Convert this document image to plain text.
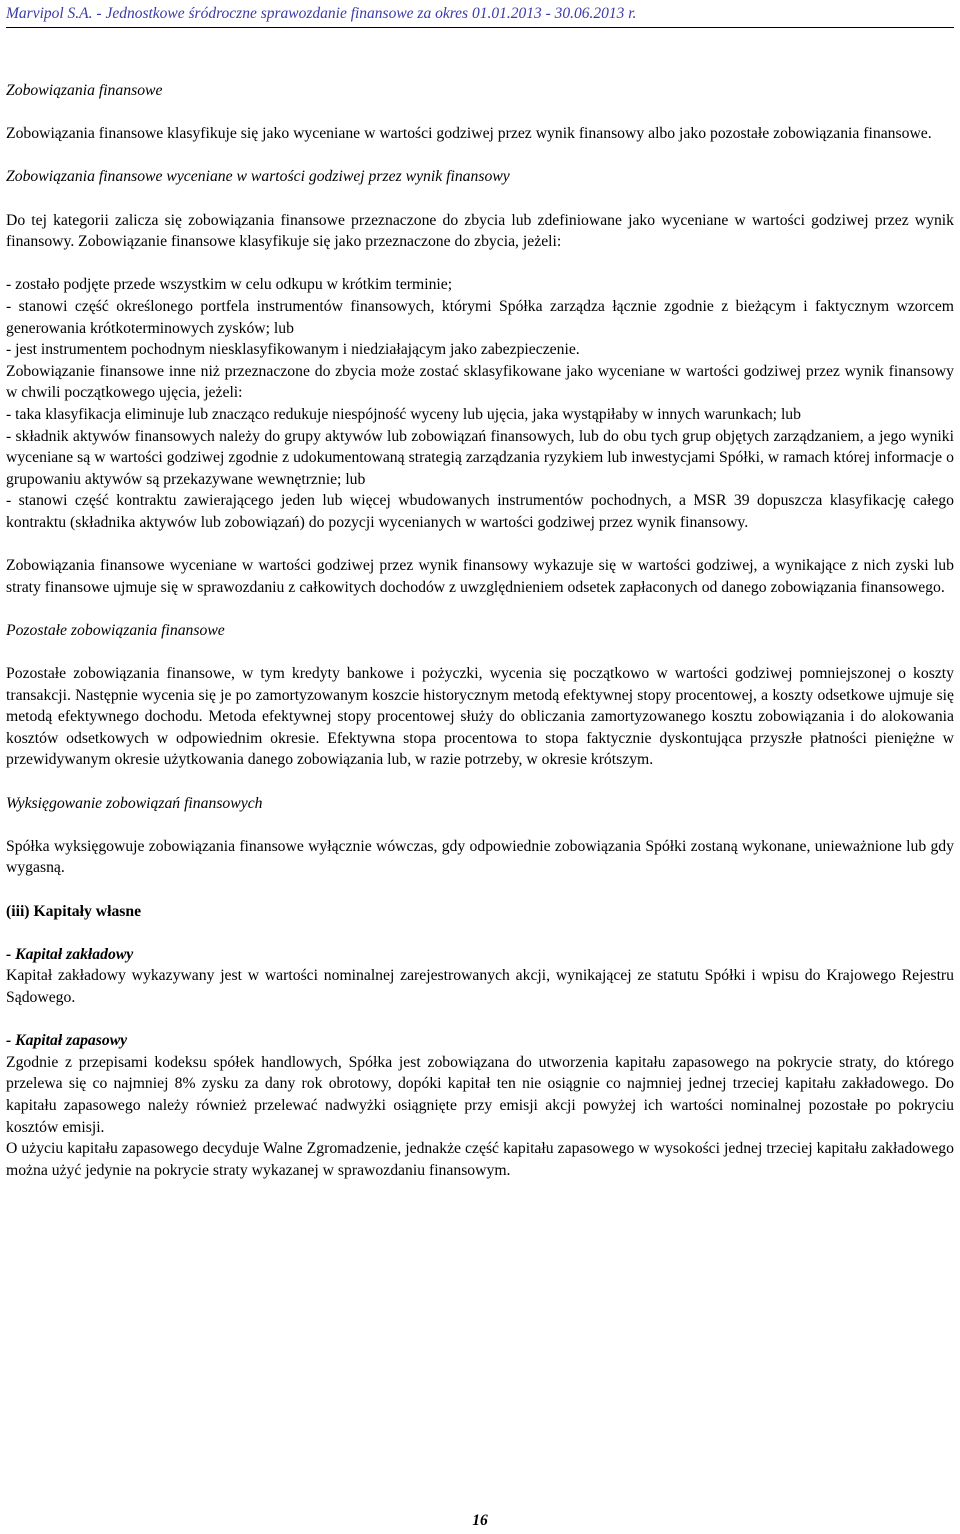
Marvipol S.A. - Jednostkowe śródroczne sprawozdanie finansowe za okres 01.01.2013 - 30.06.2013 r.

Zobowiązania finansowe

Zobowiązania finansowe klasyfikuje się jako wyceniane w wartości godziwej przez wynik finansowy albo jako pozostałe zobowiązania finansowe.

Zobowiązania finansowe wyceniane w wartości godziwej przez wynik finansowy

Do tej kategorii zalicza się zobowiązania finansowe przeznaczone do zbycia lub zdefiniowane jako wyceniane w wartości godziwej przez wynik finansowy. Zobowiązanie finansowe klasyfikuje się jako przeznaczone do zbycia, jeżeli:

- zostało podjęte przede wszystkim w celu odkupu w krótkim terminie;

- stanowi część określonego portfela instrumentów finansowych, którymi Spółka zarządza łącznie zgodnie z bieżącym i faktycznym wzorcem generowania krótkoterminowych zysków; lub

- jest instrumentem pochodnym niesklasyfikowanym i niedziałającym jako zabezpieczenie.

Zobowiązanie finansowe inne niż przeznaczone do zbycia może zostać sklasyfikowane jako wyceniane w wartości godziwej przez wynik finansowy w chwili początkowego ujęcia, jeżeli:

- taka klasyfikacja eliminuje lub znacząco redukuje niespójność wyceny lub ujęcia, jaka wystąpiłaby w innych warunkach; lub

- składnik aktywów finansowych należy do grupy aktywów lub zobowiązań finansowych, lub do obu tych grup objętych zarządzaniem, a jego wyniki wyceniane są w wartości godziwej zgodnie z udokumentowaną strategią zarządzania ryzykiem lub inwestycjami Spółki, w ramach której informacje o grupowaniu aktywów są przekazywane wewnętrznie; lub

- stanowi część kontraktu zawierającego jeden lub więcej wbudowanych instrumentów pochodnych, a MSR 39 dopuszcza klasyfikację całego kontraktu (składnika aktywów lub zobowiązań) do pozycji wycenianych w wartości godziwej przez wynik finansowy.

Zobowiązania finansowe wyceniane w wartości godziwej przez wynik finansowy wykazuje się w wartości godziwej, a wynikające z nich zyski lub straty finansowe ujmuje się w sprawozdaniu z całkowitych dochodów z uwzględnieniem odsetek zapłaconych od danego zobowiązania finansowego.

Pozostałe zobowiązania finansowe

Pozostałe zobowiązania finansowe, w tym kredyty bankowe i pożyczki, wycenia się początkowo w wartości godziwej pomniejszonej o koszty transakcji. Następnie wycenia się je po zamortyzowanym koszcie historycznym metodą efektywnej stopy procentowej, a koszty odsetkowe ujmuje się metodą efektywnego dochodu. Metoda efektywnej stopy procentowej służy do obliczania zamortyzowanego kosztu zobowiązania i do alokowania kosztów odsetkowych w odpowiednim okresie. Efektywna stopa procentowa to stopa faktycznie dyskontująca przyszłe płatności pieniężne w przewidywanym okresie użytkowania danego zobowiązania lub, w razie potrzeby, w okresie krótszym.

Wyksięgowanie zobowiązań finansowych

Spółka wyksięgowuje zobowiązania finansowe wyłącznie wówczas, gdy odpowiednie zobowiązania Spółki zostaną wykonane, unieważnione lub gdy wygasną.

(iii) Kapitały własne

- Kapitał zakładowy

Kapitał zakładowy wykazywany jest w wartości nominalnej zarejestrowanych akcji, wynikającej ze statutu Spółki i wpisu do Krajowego Rejestru Sądowego.

- Kapitał zapasowy

Zgodnie z przepisami kodeksu spółek handlowych, Spółka jest zobowiązana do utworzenia kapitału zapasowego na pokrycie straty, do którego przelewa się co najmniej 8% zysku za dany rok obrotowy, dopóki kapitał ten nie osiągnie co najmniej jednej trzeciej kapitału zakładowego. Do kapitału zapasowego należy również przelewać nadwyżki osiągnięte przy emisji akcji powyżej ich wartości nominalnej pozostałe po pokryciu kosztów emisji.

O użyciu kapitału zapasowego decyduje Walne Zgromadzenie, jednakże część kapitału zapasowego w wysokości jednej trzeciej kapitału zakładowego można użyć jedynie na pokrycie straty wykazanej w sprawozdaniu finansowym.

16
